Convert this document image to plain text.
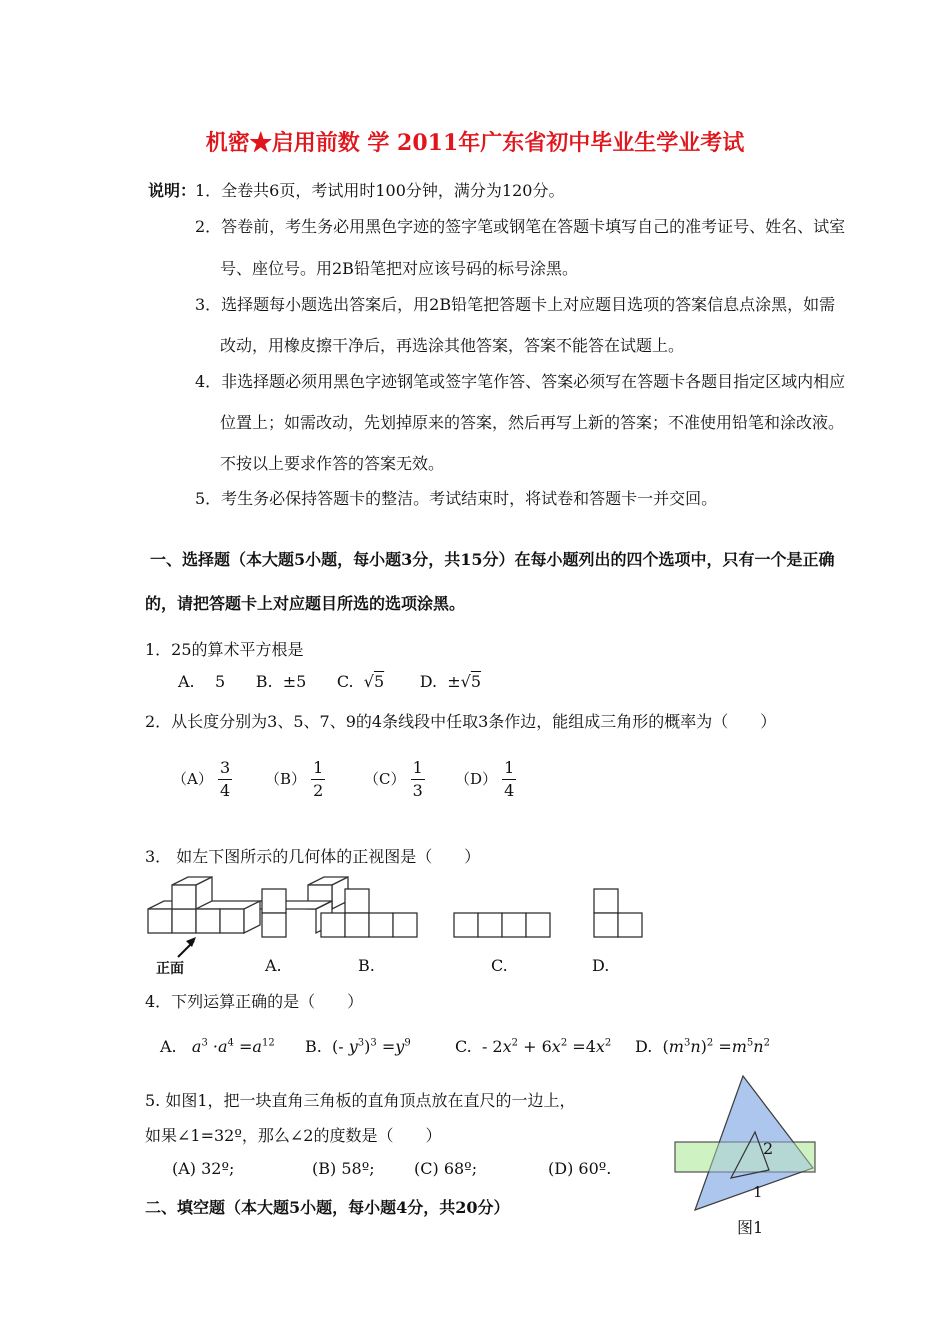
机密★启用前数 学 2011年广东省初中毕业生学业考试
说明：
1．全卷共6页，考试用时100分钟，满分为120分。
2．答卷前，考生务必用黑色字迹的签字笔或钢笔在答题卡填写自己的准考证号、姓名、试室
号、座位号。用2B铅笔把对应该号码的标号涂黑。
3．选择题每小题选出答案后，用2B铅笔把答题卡上对应题目选项的答案信息点涂黑，如需
改动，用橡皮擦干净后，再选涂其他答案，答案不能答在试题上。
4．非选择题必须用黑色字迹钢笔或签字笔作答、答案必须写在答题卡各题目指定区域内相应
位置上；如需改动，先划掉原来的答案，然后再写上新的答案；不准使用铅笔和涂改液。
不按以上要求作答的答案无效。
5．考生务必保持答题卡的整洁。考试结束时，将试卷和答题卡一并交回。
一、选择题（本大题5小题，每小题3分，共15分）在每小题列出的四个选项中，只有一个是正确
的，请把答题卡上对应题目所选的选项涂黑。
1．25的算术平方根是
A. 5 B. ±5 C. √5 D. ±√5
2．从长度分别为3、5、7、9的4条线段中任取3条作边，能组成三角形的概率为（　　）
$(A) \frac{3}{4} (B) \frac{1}{2}$	$(C) \frac{1}{3} (D) \frac{1}{4}$
3． 如左下图所示的几何体的正视图是（　　）
正面	A.	B.	C.	D.
4．下列运算正确的是（　　）
A. $a^3 \cdot a^4 =a^{12}$ B. (- $y^3)^3 =y^9$	C. - $2x^2 + 6x^2 =4x^2$ D. $(m^3n)^2 =m^5n^2$
5. 如图1，把一块直角三角板的直角顶点放在直尺的一边上，
如果∠1=32º，那么∠2的度数是（　　）
(A) 32º;	(B) 58º; (C) 68º;	(D) 60º.
2
1
图1
二、填空题（本大题5小题，每小题4分，共20分）
